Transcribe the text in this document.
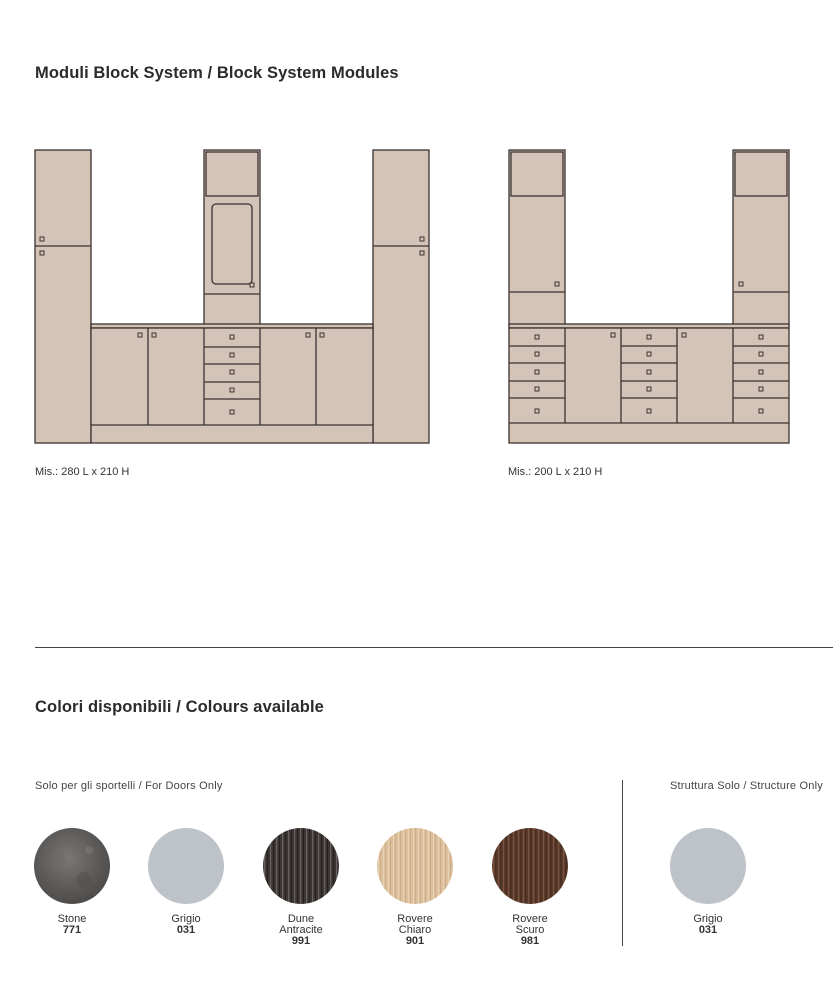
Moduli Block System / Block System Modules
Mis.: 280 L x 210 H	Mis.: 200 L x 210 H
Colori disponibili / Colours available
Solo per gli sportelli / For Doors Only	Struttura Solo / Structure Only
Stone
771
Grigio
031
Dune
Antracite
991
Rovere
Chiaro
901
Rovere
Scuro
981
Grigio
031
